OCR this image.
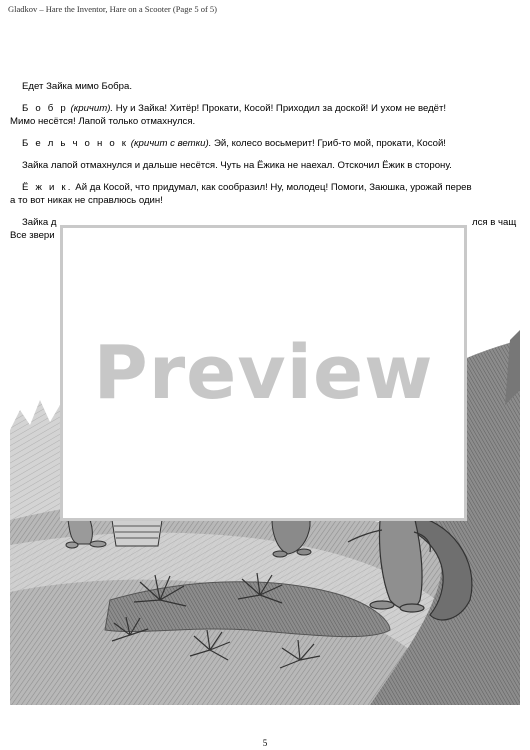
Gladkov – Hare the Inventor, Hare on a Scooter (Page 5 of 5)

Едет Зайка мимо Бобра.

Б о б р (кричит). Ну и Зайка! Хитёр! Прокати, Косой! Приходил за доской! И ухом не ведёт!
Мимо несётся! Лапой только отмахнулся.

Б е л ь ч о н о к (кричит с ветки). Эй, колесо восьмерит! Гриб-то мой, прокати, Косой!

Зайка лапой отмахнулся и дальше несётся. Чуть на Ёжика не наехал. Отскочил Ёжик в сторону.

Ё ж и к. Ай да Косой, что придумал, как сообразил! Ну, молодец! Помоги, Заюшка, урожай перев
а то вот никак не справлюсь один!

Зайка д	лся в чащ

Все звери

Preview
5
